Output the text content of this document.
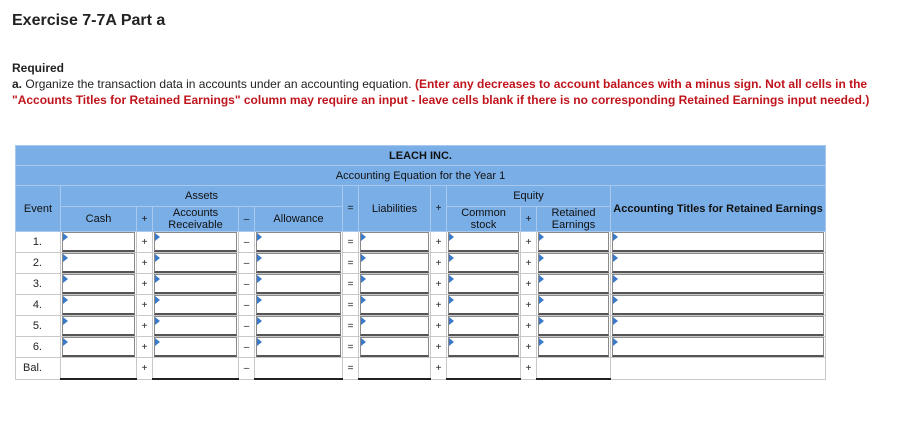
Exercise 7-7A Part a
Required
a. Organize the transaction data in accounts under an accounting equation. (Enter any decreases to account balances with a minus sign. Not all cells in the "Accounts Titles for Retained Earnings" column may require an input - leave cells blank if there is no corresponding Retained Earnings input needed.)
LEACH INC.												
Accounting Equation for the Year 1												
Event	Assets					=	Liabilities	+	Equity			Accounting Titles for Retained Earnings
	Cash	+	Accounts Receivable	–	Allowance				Common stock	+	Retained Earnings	
1.		+		–		=		+		+	

2.		+		–		=		+		+	

3.		+		–		=		+		+	

4.		+		–		=		+		+	

5.		+		–		=		+		+	

6.		+		–		=		+		+	

Bal.		+		–		=		+		+		
